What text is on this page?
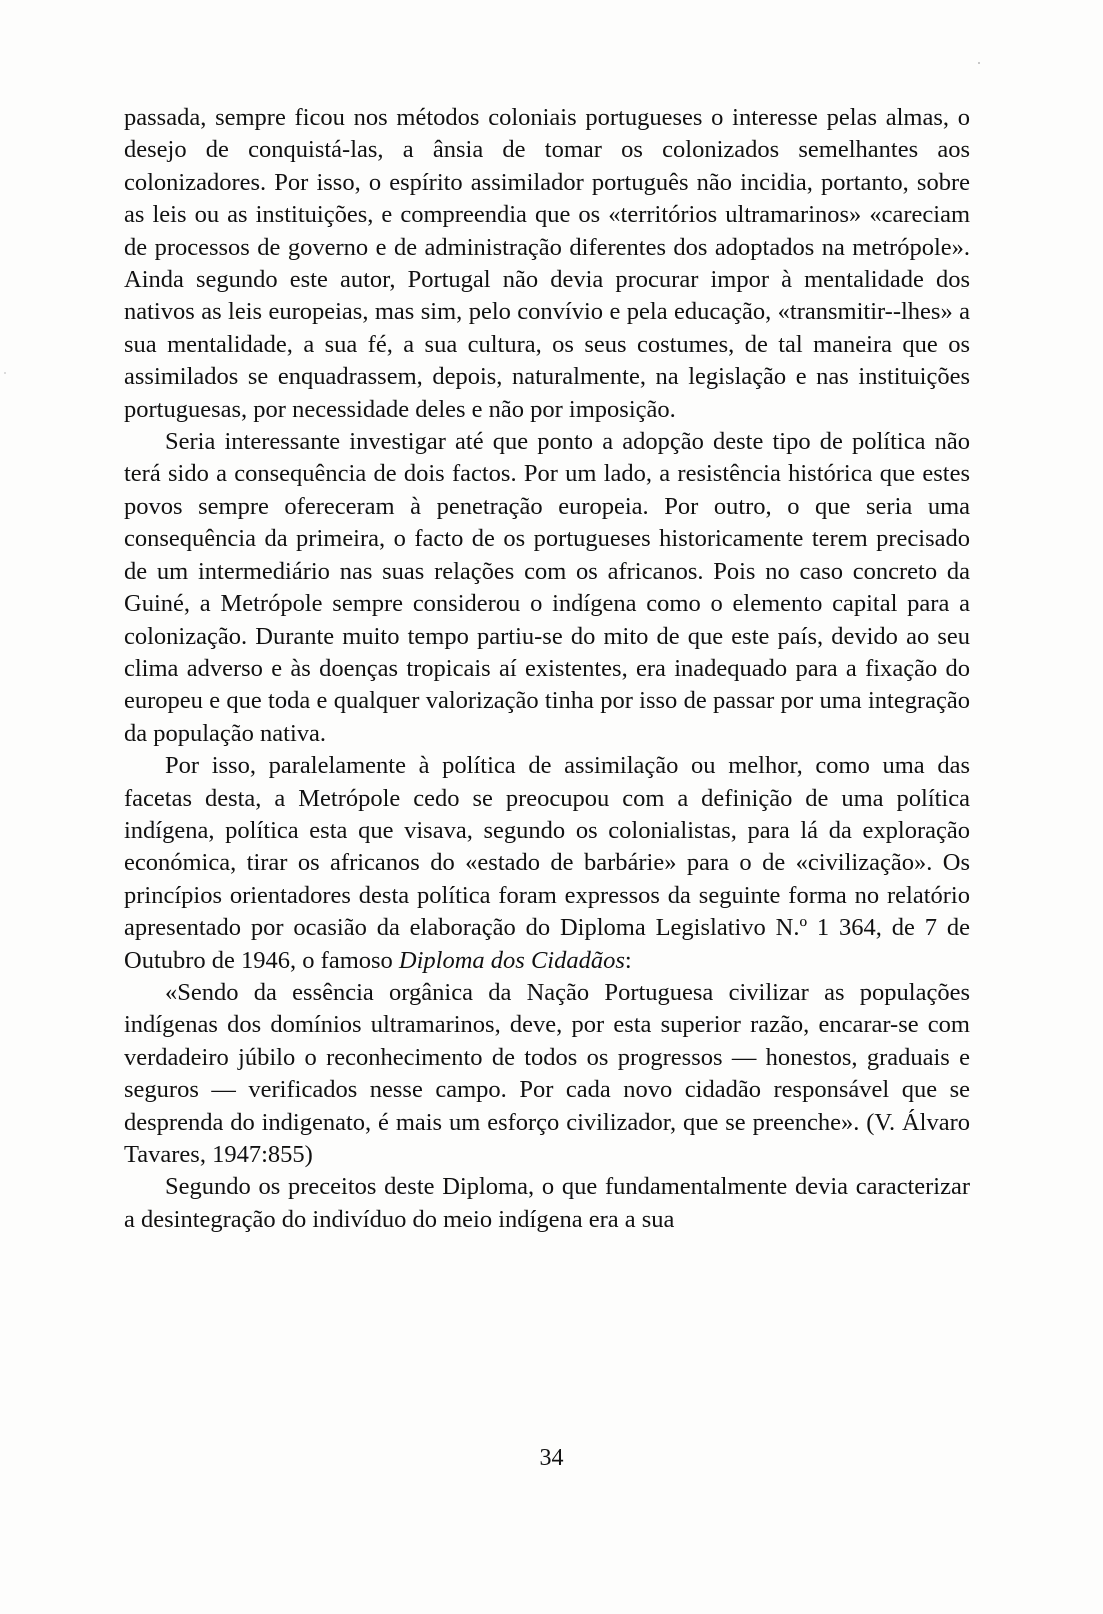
passada, sempre ficou nos métodos coloniais portugueses o interesse pelas almas, o desejo de conquistá-las, a ânsia de tomar os colonizados semelhantes aos colonizadores. Por isso, o espírito assimilador português não incidia, portanto, sobre as leis ou as instituições, e compreendia que os «territórios ultramarinos» «careciam de processos de governo e de administração diferentes dos adoptados na metrópole». Ainda segundo este autor, Portugal não devia procurar impor à mentalidade dos nativos as leis europeias, mas sim, pelo convívio e pela educação, «transmitir--lhes» a sua mentalidade, a sua fé, a sua cultura, os seus costumes, de tal maneira que os assimilados se enquadrassem, depois, naturalmente, na legislação e nas instituições portuguesas, por necessidade deles e não por imposição.

Seria interessante investigar até que ponto a adopção deste tipo de política não terá sido a consequência de dois factos. Por um lado, a resistência histórica que estes povos sempre ofereceram à penetração europeia. Por outro, o que seria uma consequência da primeira, o facto de os portugueses historicamente terem precisado de um intermediário nas suas relações com os africanos. Pois no caso concreto da Guiné, a Metrópole sempre considerou o indígena como o elemento capital para a colonização. Durante muito tempo partiu-se do mito de que este país, devido ao seu clima adverso e às doenças tropicais aí existentes, era inadequado para a fixação do europeu e que toda e qualquer valorização tinha por isso de passar por uma integração da população nativa.

Por isso, paralelamente à política de assimilação ou melhor, como uma das facetas desta, a Metrópole cedo se preocupou com a definição de uma política indígena, política esta que visava, segundo os colonialistas, para lá da exploração económica, tirar os africanos do «estado de barbárie» para o de «civilização». Os princípios orientadores desta política foram expressos da seguinte forma no relatório apresentado por ocasião da elaboração do Diploma Legislativo N.º 1 364, de 7 de Outubro de 1946, o famoso Diploma dos Cidadãos:

«Sendo da essência orgânica da Nação Portuguesa civilizar as populações indígenas dos domínios ultramarinos, deve, por esta superior razão, encarar-se com verdadeiro júbilo o reconhecimento de todos os progressos — honestos, graduais e seguros — verificados nesse campo. Por cada novo cidadão responsável que se desprenda do indigenato, é mais um esforço civilizador, que se preenche». (V. Álvaro Tavares, 1947:855)

Segundo os preceitos deste Diploma, o que fundamentalmente devia caracterizar a desintegração do indivíduo do meio indígena era a sua

34
